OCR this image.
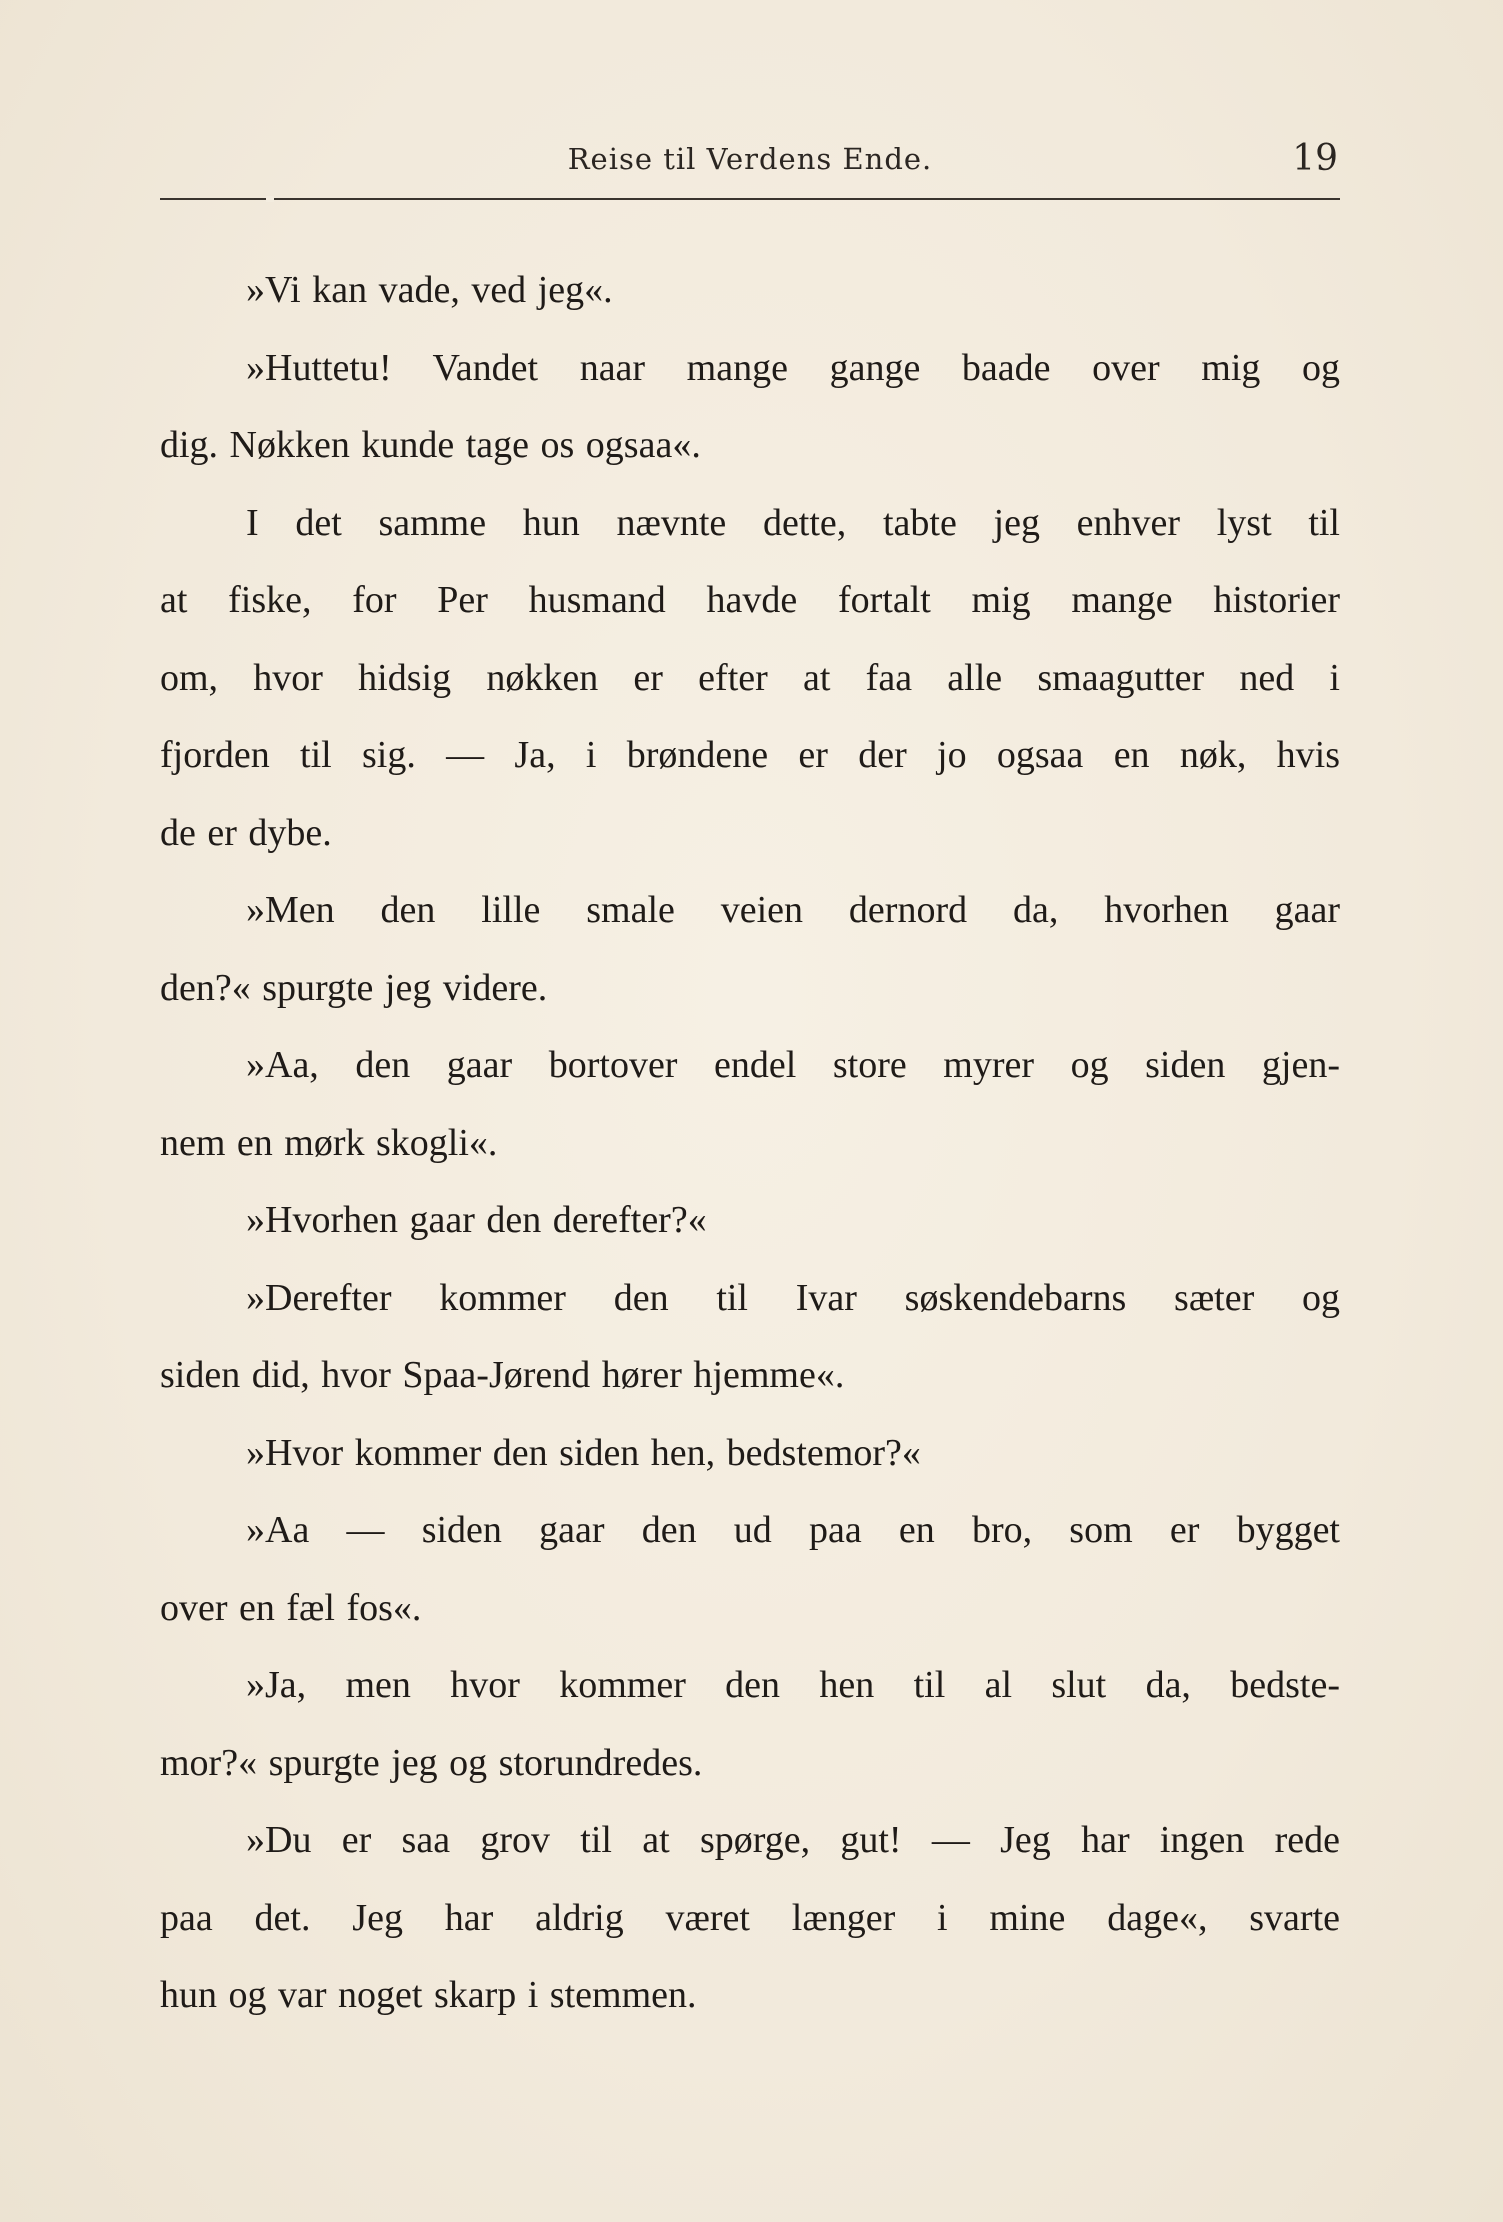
Reise til Verdens Ende.	19
»Vi kan vade, ved jeg«.
»Huttetu! Vandet naar mange gange baade over mig og
dig. Nøkken kunde tage os ogsaa«.
I det samme hun nævnte dette, tabte jeg enhver lyst til
at fiske, for Per husmand havde fortalt mig mange historier
om, hvor hidsig nøkken er efter at faa alle smaagutter ned i
fjorden til sig. — Ja, i brøndene er der jo ogsaa en nøk, hvis
de er dybe.
»Men den lille smale veien dernord da, hvorhen gaar
den?« spurgte jeg videre.
»Aa, den gaar bortover endel store myrer og siden gjen-
nem en mørk skogli«.
»Hvorhen gaar den derefter?«
»Derefter kommer den til Ivar søskendebarns sæter og
siden did, hvor Spaa-Jørend hører hjemme«.
»Hvor kommer den siden hen, bedstemor?«
»Aa — siden gaar den ud paa en bro, som er bygget
over en fæl fos«.
»Ja, men hvor kommer den hen til al slut da, bedste-
mor?« spurgte jeg og storundredes.
»Du er saa grov til at spørge, gut! — Jeg har ingen rede
paa det. Jeg har aldrig været længer i mine dage«, svarte
hun og var noget skarp i stemmen.
